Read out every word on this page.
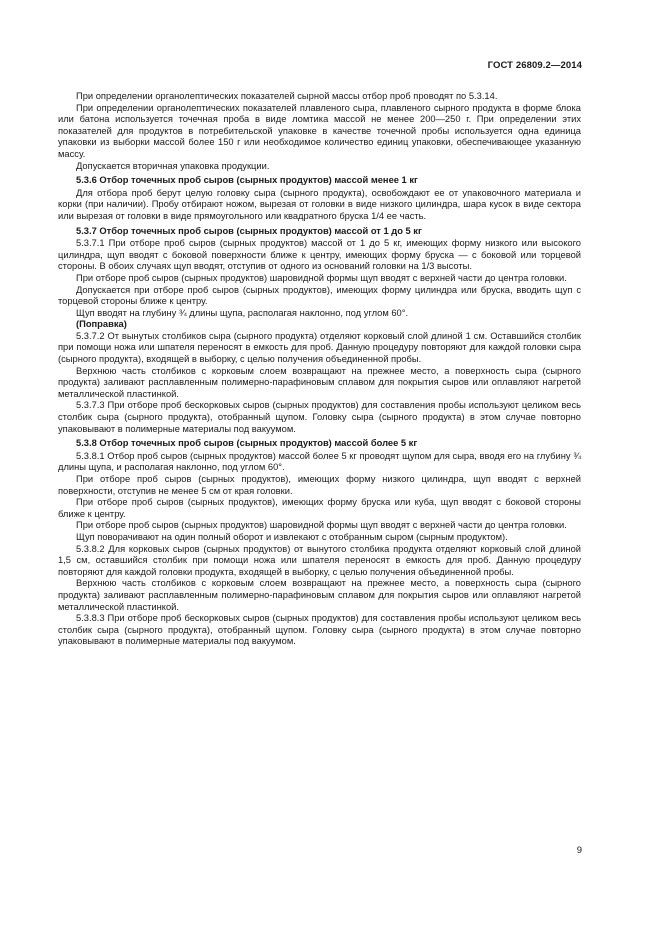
ГОСТ 26809.2—2014

При определении органолептических показателей сырной массы отбор проб проводят по 5.3.14.

При определении органолептических показателей плавленого сыра, плавленого сырного продукта в форме блока или батона используется точечная проба в виде ломтика массой не менее 200—250 г. При определении этих показателей для продуктов в потребительской упаковке в качестве точечной пробы используется одна единица упаковки из выборки массой более 150 г или необходимое количество единиц упаковки, обеспечивающее указанную массу.

Допускается вторичная упаковка продукции.

5.3.6 Отбор точечных проб сыров (сырных продуктов) массой менее 1 кг

Для отбора проб берут целую головку сыра (сырного продукта), освобождают ее от упаковочного материала и корки (при наличии). Пробу отбирают ножом, вырезая от головки в виде низкого цилиндра, шара кусок в виде сектора или вырезая от головки в виде прямоугольного или квадратного бруска 1/4 ее часть.

5.3.7 Отбор точечных проб сыров (сырных продуктов) массой от 1 до 5 кг

5.3.7.1 При отборе проб сыров (сырных продуктов) массой от 1 до 5 кг, имеющих форму низкого или высокого цилиндра, щуп вводят с боковой поверхности ближе к центру, имеющих форму бруска — с боковой или торцевой стороны. В обоих случаях щуп вводят, отступив от одного из оснований головки на 1/3 высоты.

При отборе проб сыров (сырных продуктов) шаровидной формы щуп вводят с верхней части до центра головки.

Допускается при отборе проб сыров (сырных продуктов), имеющих форму цилиндра или бруска, вводить щуп с торцевой стороны ближе к центру.

Щуп вводят на глубину ¾ длины щупа, располагая наклонно, под углом 60°.

(Поправка)

5.3.7.2 От вынутых столбиков сыра (сырного продукта) отделяют корковый слой длиной 1 см. Оставшийся столбик при помощи ножа или шпателя переносят в емкость для проб. Данную процедуру повторяют для каждой головки сыра (сырного продукта), входящей в выборку, с целью получения объединенной пробы.

Верхнюю часть столбиков с корковым слоем возвращают на прежнее место, а поверхность сыра (сырного продукта) заливают расплавленным полимерно-парафиновым сплавом для покрытия сыров или оплавляют нагретой металлической пластинкой.

5.3.7.3 При отборе проб бескорковых сыров (сырных продуктов) для составления пробы используют целиком весь столбик сыра (сырного продукта), отобранный щупом. Головку сыра (сырного продукта) в этом случае повторно упаковывают в полимерные материалы под вакуумом.

5.3.8 Отбор точечных проб сыров (сырных продуктов) массой более 5 кг

5.3.8.1 Отбор проб сыров (сырных продуктов) массой более 5 кг проводят щупом для сыра, вводя его на глубину ¾ длины щупа, и располагая наклонно, под углом 60°.

При отборе проб сыров (сырных продуктов), имеющих форму низкого цилиндра, щуп вводят с верхней поверхности, отступив не менее 5 см от края головки.

При отборе проб сыров (сырных продуктов), имеющих форму бруска или куба, щуп вводят с боковой стороны ближе к центру.

При отборе проб сыров (сырных продуктов) шаровидной формы щуп вводят с верхней части до центра головки.

Щуп поворачивают на один полный оборот и извлекают с отобранным сыром (сырным продуктом).

5.3.8.2 Для корковых сыров (сырных продуктов) от вынутого столбика продукта отделяют корковый слой длиной 1,5 см, оставшийся столбик при помощи ножа или шпателя переносят в емкость для проб. Данную процедуру повторяют для каждой головки продукта, входящей в выборку, с целью получения объединенной пробы.

Верхнюю часть столбиков с корковым слоем возвращают на прежнее место, а поверхность сыра (сырного продукта) заливают расплавленным полимерно-парафиновым сплавом для покрытия сыров или оплавляют нагретой металлической пластинкой.

5.3.8.3 При отборе проб бескорковых сыров (сырных продуктов) для составления пробы используют целиком весь столбик сыра (сырного продукта), отобранный щупом. Головку сыра (сырного продукта) в этом случае повторно упаковывают в полимерные материалы под вакуумом.

9
